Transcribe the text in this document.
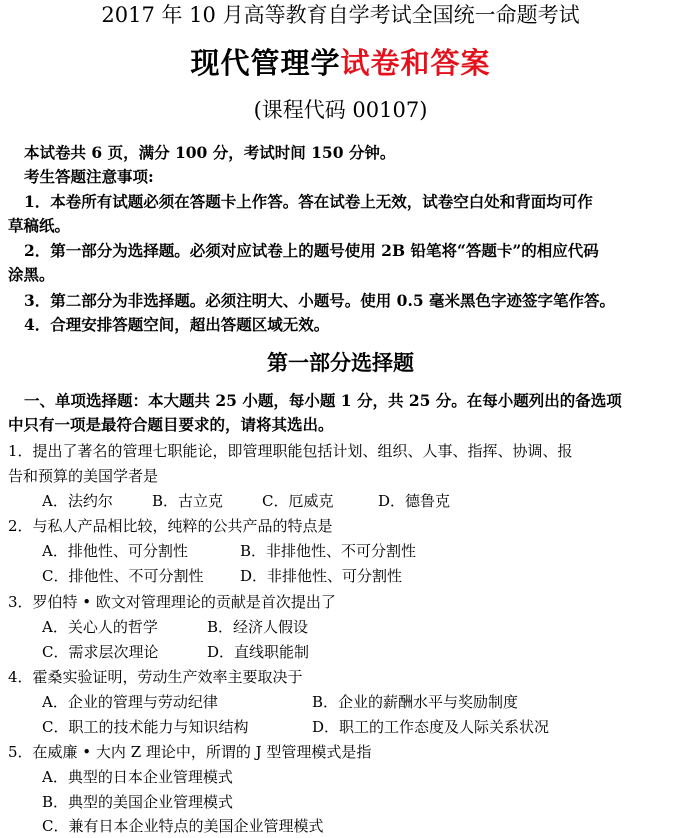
2017 年 10 月高等教育自学考试全国统一命题考试
现代管理学试卷和答案
(课程代码 00107)
本试卷共 6 页，满分 100 分，考试时间 150 分钟。
考生答题注意事项:
1．本卷所有试题必须在答题卡上作答。答在试卷上无效，试卷空白处和背面均可作
草稿纸。
2．第一部分为选择题。必须对应试卷上的题号使用 2B 铅笔将“答题卡”的相应代码
涂黑。
3．第二部分为非选择题。必须注明大、小题号。使用 0.5 毫米黑色字迹签字笔作答。
4．合理安排答题空间，超出答题区域无效。
第一部分选择题
一、单项选择题：本大题共 25 小题，每小题 1 分，共 25 分。在每小题列出的备选项
中只有一项是最符合题目要求的，请将其选出。
1．提出了著名的管理七职能论，即管理职能包括计划、组织、人事、指挥、协调、报
告和预算的美国学者是
A．法约尔	B．古立克	C．厄威克	D．德鲁克
2．与私人产品相比较，纯粹的公共产品的特点是
A．排他性、可分割性	B．非排他性、不可分割性
C．排他性、不可分割性 D．非排他性、可分割性
3．罗伯特 • 欧文对管理理论的贡献是首次提出了
A．关心人的哲学	B．经济人假设
C．需求层次理论	D．直线职能制
4．霍桑实验证明，劳动生产效率主要取决于
A．企业的管理与劳动纪律	B．企业的薪酬水平与奖励制度
C．职工的技术能力与知识结构	D．职工的工作态度及人际关系状况
5．在威廉 • 大内 Z 理论中，所谓的 J 型管理模式是指
A．典型的日本企业管理模式
B．典型的美国企业管理模式
C．兼有日本企业特点的美国企业管理模式
